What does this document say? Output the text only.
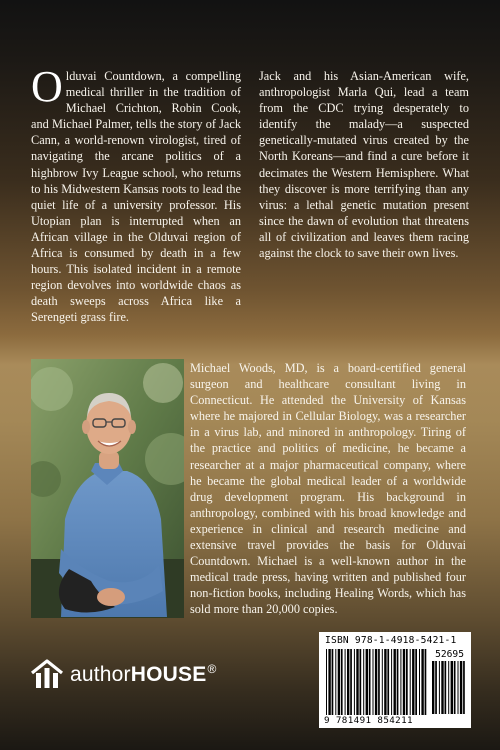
O lduvai Countdown, a compelling medical thriller in the tradition of Michael Crichton, Robin Cook, and Michael Palmer, tells the story of Jack Cann, a world-renown virologist, tired of navigating the arcane politics of a highbrow Ivy League school, who returns to his Midwestern Kansas roots to lead the quiet life of a university professor. His Utopian plan is interrupted when an African village in the Olduvai region of Africa is consumed by death in a few hours. This isolated incident in a remote region devolves into worldwide chaos as death sweeps across Africa like a Serengeti grass fire.
Jack and his Asian-American wife, anthropologist Marla Qui, lead a team from the CDC trying desperately to identify the malady—a suspected genetically-mutated virus created by the North Koreans—and find a cure before it decimates the Western Hemisphere. What they discover is more terrifying than any virus: a lethal genetic mutation present since the dawn of evolution that threatens all of civilization and leaves them racing against the clock to save their own lives.
Michael Woods, MD, is a board-certified general surgeon and healthcare consultant living in Connecticut. He attended the University of Kansas where he majored in Cellular Biology, was a researcher in a virus lab, and minored in anthropology. Tiring of the practice and politics of medicine, he became a researcher at a major pharmaceutical company, where he became the global medical leader of a worldwide drug development program. His background in anthropology, combined with his broad knowledge and experience in clinical and research medicine and extensive travel provides the basis for Olduvai Countdown. Michael is a well-known author in the medical trade press, having written and published four non-fiction books, including Healing Words, which has sold more than 20,000 copies.
authorHOUSE®
ISBN 978-1-4918-5421-1
52695
9 781491 854211
